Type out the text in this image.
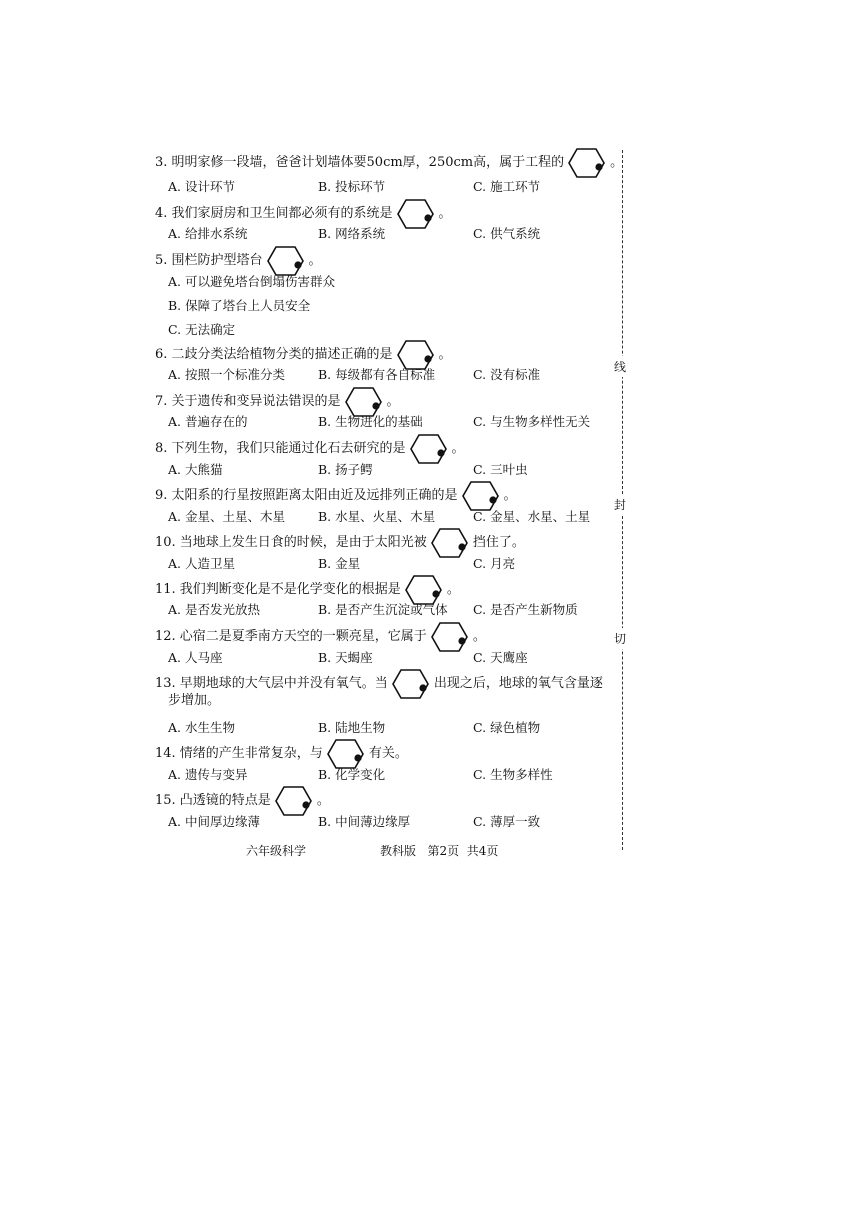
3. 明明家修一段墙，爸爸计划墙体要50cm厚，250cm高，属于工程的	。
A. 设计环节	B. 投标环节	C. 施工环节
4. 我们家厨房和卫生间都必须有的系统是	。
A. 给排水系统	B. 网络系统	C. 供气系统
5. 围栏防护型塔台	。
A. 可以避免塔台倒塌伤害群众
B. 保障了塔台上人员安全
C. 无法确定
6. 二歧分类法给植物分类的描述正确的是	。
A. 按照一个标准分类	B. 每级都有各自标准	C. 没有标准
7. 关于遗传和变异说法错误的是	。
A. 普遍存在的	B. 生物进化的基础	C. 与生物多样性无关
8. 下列生物，我们只能通过化石去研究的是	。
A. 大熊猫	B. 扬子鳄	C. 三叶虫
9. 太阳系的行星按照距离太阳由近及远排列正确的是	。
A. 金星、土星、木星	B. 水星、火星、木星	C. 金星、水星、土星
10. 当地球上发生日食的时候，是由于太阳光被	挡住了。
A. 人造卫星	B. 金星	C. 月亮
11. 我们判断变化是不是化学变化的根据是	。
A. 是否发光放热	B. 是否产生沉淀或气体 C. 是否产生新物质
12. 心宿二是夏季南方天空的一颗亮星，它属于	。
A. 人马座	B. 天蝎座	C. 天鹰座
13. 早期地球的大气层中并没有氧气。当	出现之后，地球的氧气含量逐
步增加。
A. 水生生物	B. 陆地生物	C. 绿色植物
14. 情绪的产生非常复杂，与	有关。
A. 遗传与变异	B. 化学变化	C. 生物多样性
15. 凸透镜的特点是	。
A. 中间厚边缘薄	B. 中间薄边缘厚	C. 薄厚一致
六年级科学	教科版   第2页  共4页
线
封
切
